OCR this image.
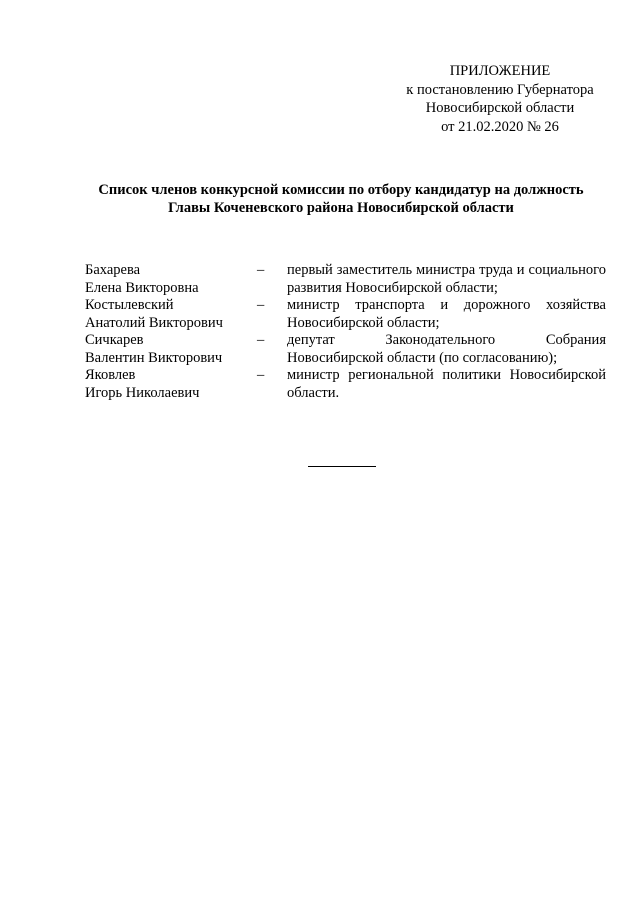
ПРИЛОЖЕНИЕ
к постановлению Губернатора
Новосибирской области
от 21.02.2020 № 26
Список членов конкурсной комиссии по отбору кандидатур на должность
Главы Коченевского района Новосибирской области
Бахарева
Елена Викторовна
–	первый заместитель министра труда и социального развития Новосибирской области;
Костылевский
Анатолий Викторович
–	министр транспорта и дорожного хозяйства Новосибирской области;
Сичкарев
Валентин Викторович
–	депутат Законодательного Собрания Новосибирской области (по согласованию);
Яковлев
Игорь Николаевич
–	министр региональной политики Новосибирской области.
